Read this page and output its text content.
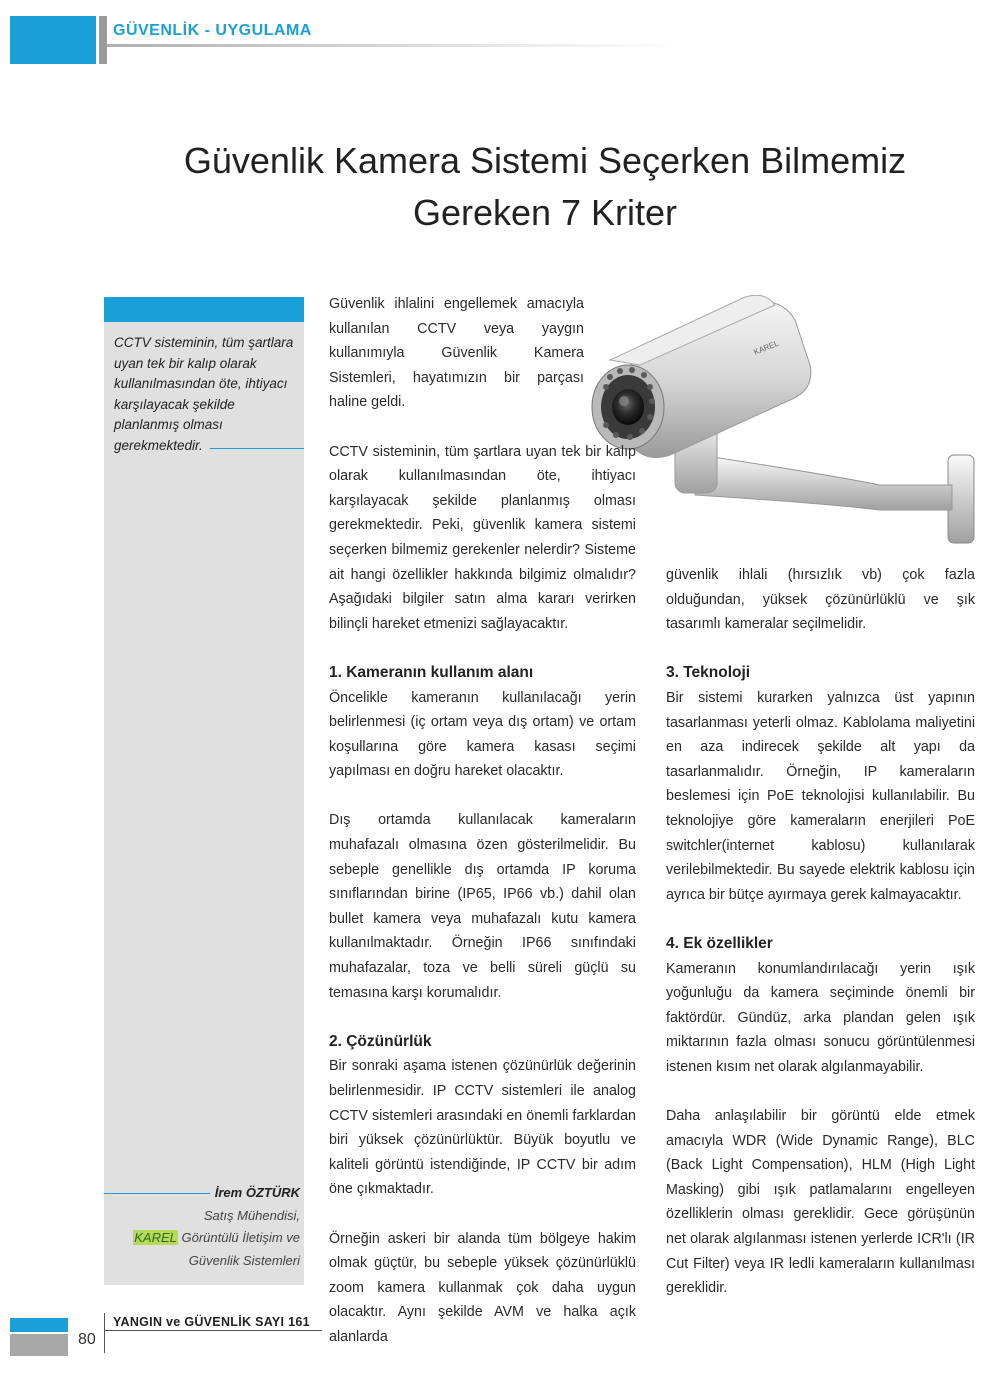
GÜVENLİK - UYGULAMA
Güvenlik Kamera Sistemi Seçerken Bilmemiz
Gereken 7 Kriter
CCTV sisteminin, tüm şartlara uyan tek bir kalıp olarak kullanılmasından öte, ihtiyacı karşılayacak şekilde planlanmış olması gerekmektedir.
İrem ÖZTÜRK
Satış Mühendisi,
KAREL Görüntülü İletişim ve
Güvenlik Sistemleri
KAREL

Güvenlik ihlalini engellemek amacıyla kullanılan CCTV veya yaygın kullanımıyla Güvenlik Kamera Sistemleri, hayatımızın bir parçası haline geldi.

CCTV sisteminin, tüm şartlara uyan tek bir kalıp olarak kullanılmasından öte, ihtiyacı karşılayacak şekilde planlanmış olması gerekmektedir. Peki, güvenlik kamera sistemi seçerken bilmemiz gerekenler nelerdir? Sisteme ait hangi özellikler hakkında bilgimiz olmalıdır? Aşağıdaki bilgiler satın alma kararı verirken bilinçli hareket etmenizi sağlayacaktır.

1. Kameranın kullanım alanı

Öncelikle kameranın kullanılacağı yerin belirlenmesi (iç ortam veya dış ortam) ve ortam koşullarına göre kamera kasası seçimi yapılması en doğru hareket olacaktır.

Dış ortamda kullanılacak kameraların muhafazalı olmasına özen gösterilmelidir. Bu sebeple genellikle dış ortamda IP koruma sınıflarından birine (IP65, IP66 vb.) dahil olan bullet kamera veya muhafazalı kutu kamera kullanılmaktadır. Örneğin IP66 sınıfındaki muhafazalar, toza ve belli süreli güçlü su temasına karşı korumalıdır.

2. Çözünürlük

Bir sonraki aşama istenen çözünürlük değerinin belirlenmesidir. IP CCTV sistemleri ile analog CCTV sistemleri arasındaki en önemli farklardan biri yüksek çözünürlüktür. Büyük boyutlu ve kaliteli görüntü istendiğinde, IP CCTV bir adım öne çıkmaktadır.

Örneğin askeri bir alanda tüm bölgeye hakim olmak güçtür, bu sebeple yüksek çözünürlüklü zoom kamera kullanmak çok daha uygun olacaktır. Aynı şekilde AVM ve halka açık alanlarda

güvenlik ihlali (hırsızlık vb) çok fazla olduğundan, yüksek çözünürlüklü ve şık tasarımlı kameralar seçilmelidir.

3. Teknoloji

Bir sistemi kurarken yalnızca üst yapının tasarlanması yeterli olmaz. Kablolama maliyetini en aza indirecek şekilde alt yapı da tasarlanmalıdır. Örneğin, IP kameraların beslemesi için PoE teknolojisi kullanılabilir. Bu teknolojiye göre kameraların enerjileri PoE switchler(internet kablosu) kullanılarak verilebilmektedir. Bu sayede elektrik kablosu için ayrıca bir bütçe ayırmaya gerek kalmayacaktır.

4. Ek özellikler

Kameranın konumlandırılacağı yerin ışık yoğunluğu da kamera seçiminde önemli bir faktördür. Gündüz, arka plandan gelen ışık miktarının fazla olması sonucu görüntülenmesi istenen kısım net olarak algılanmayabilir.

Daha anlaşılabilir bir görüntü elde etmek amacıyla WDR (Wide Dynamic Range), BLC (Back Light Compensation), HLM (High Light Masking) gibi ışık patlamalarını engelleyen özelliklerin olması gereklidir. Gece görüşünün net olarak algılanması istenen yerlerde ICR'lı (IR Cut Filter) veya IR ledli kameraların kullanılması gereklidir.

80
YANGIN ve GÜVENLİK SAYI 161
